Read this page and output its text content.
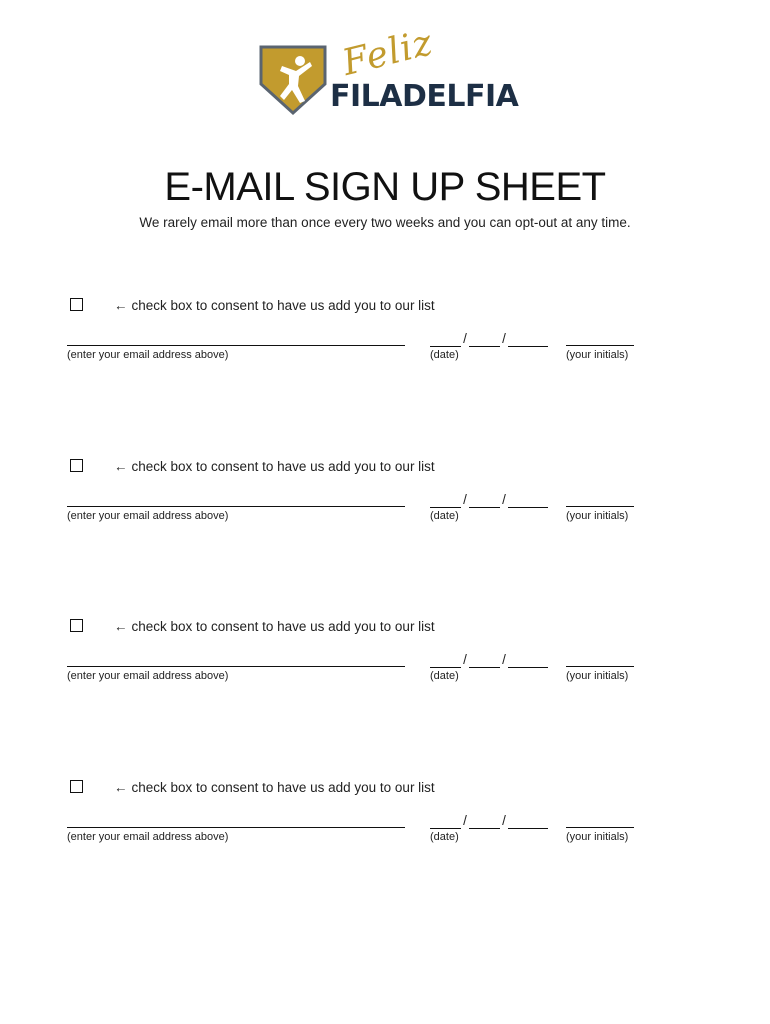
Feliz
FILADELFIA
E-MAIL SIGN UP SHEET

We rarely email more than once every two weeks and you can opt-out at any time.

← check box to consent to have us add you to our list
(enter your email address above)
/	/
(date)	(your initials)
← check box to consent to have us add you to our list
(enter your email address above)
/	/
(date)	(your initials)
← check box to consent to have us add you to our list
(enter your email address above)
/	/
(date)	(your initials)
← check box to consent to have us add you to our list
(enter your email address above)
/	/
(date)	(your initials)
